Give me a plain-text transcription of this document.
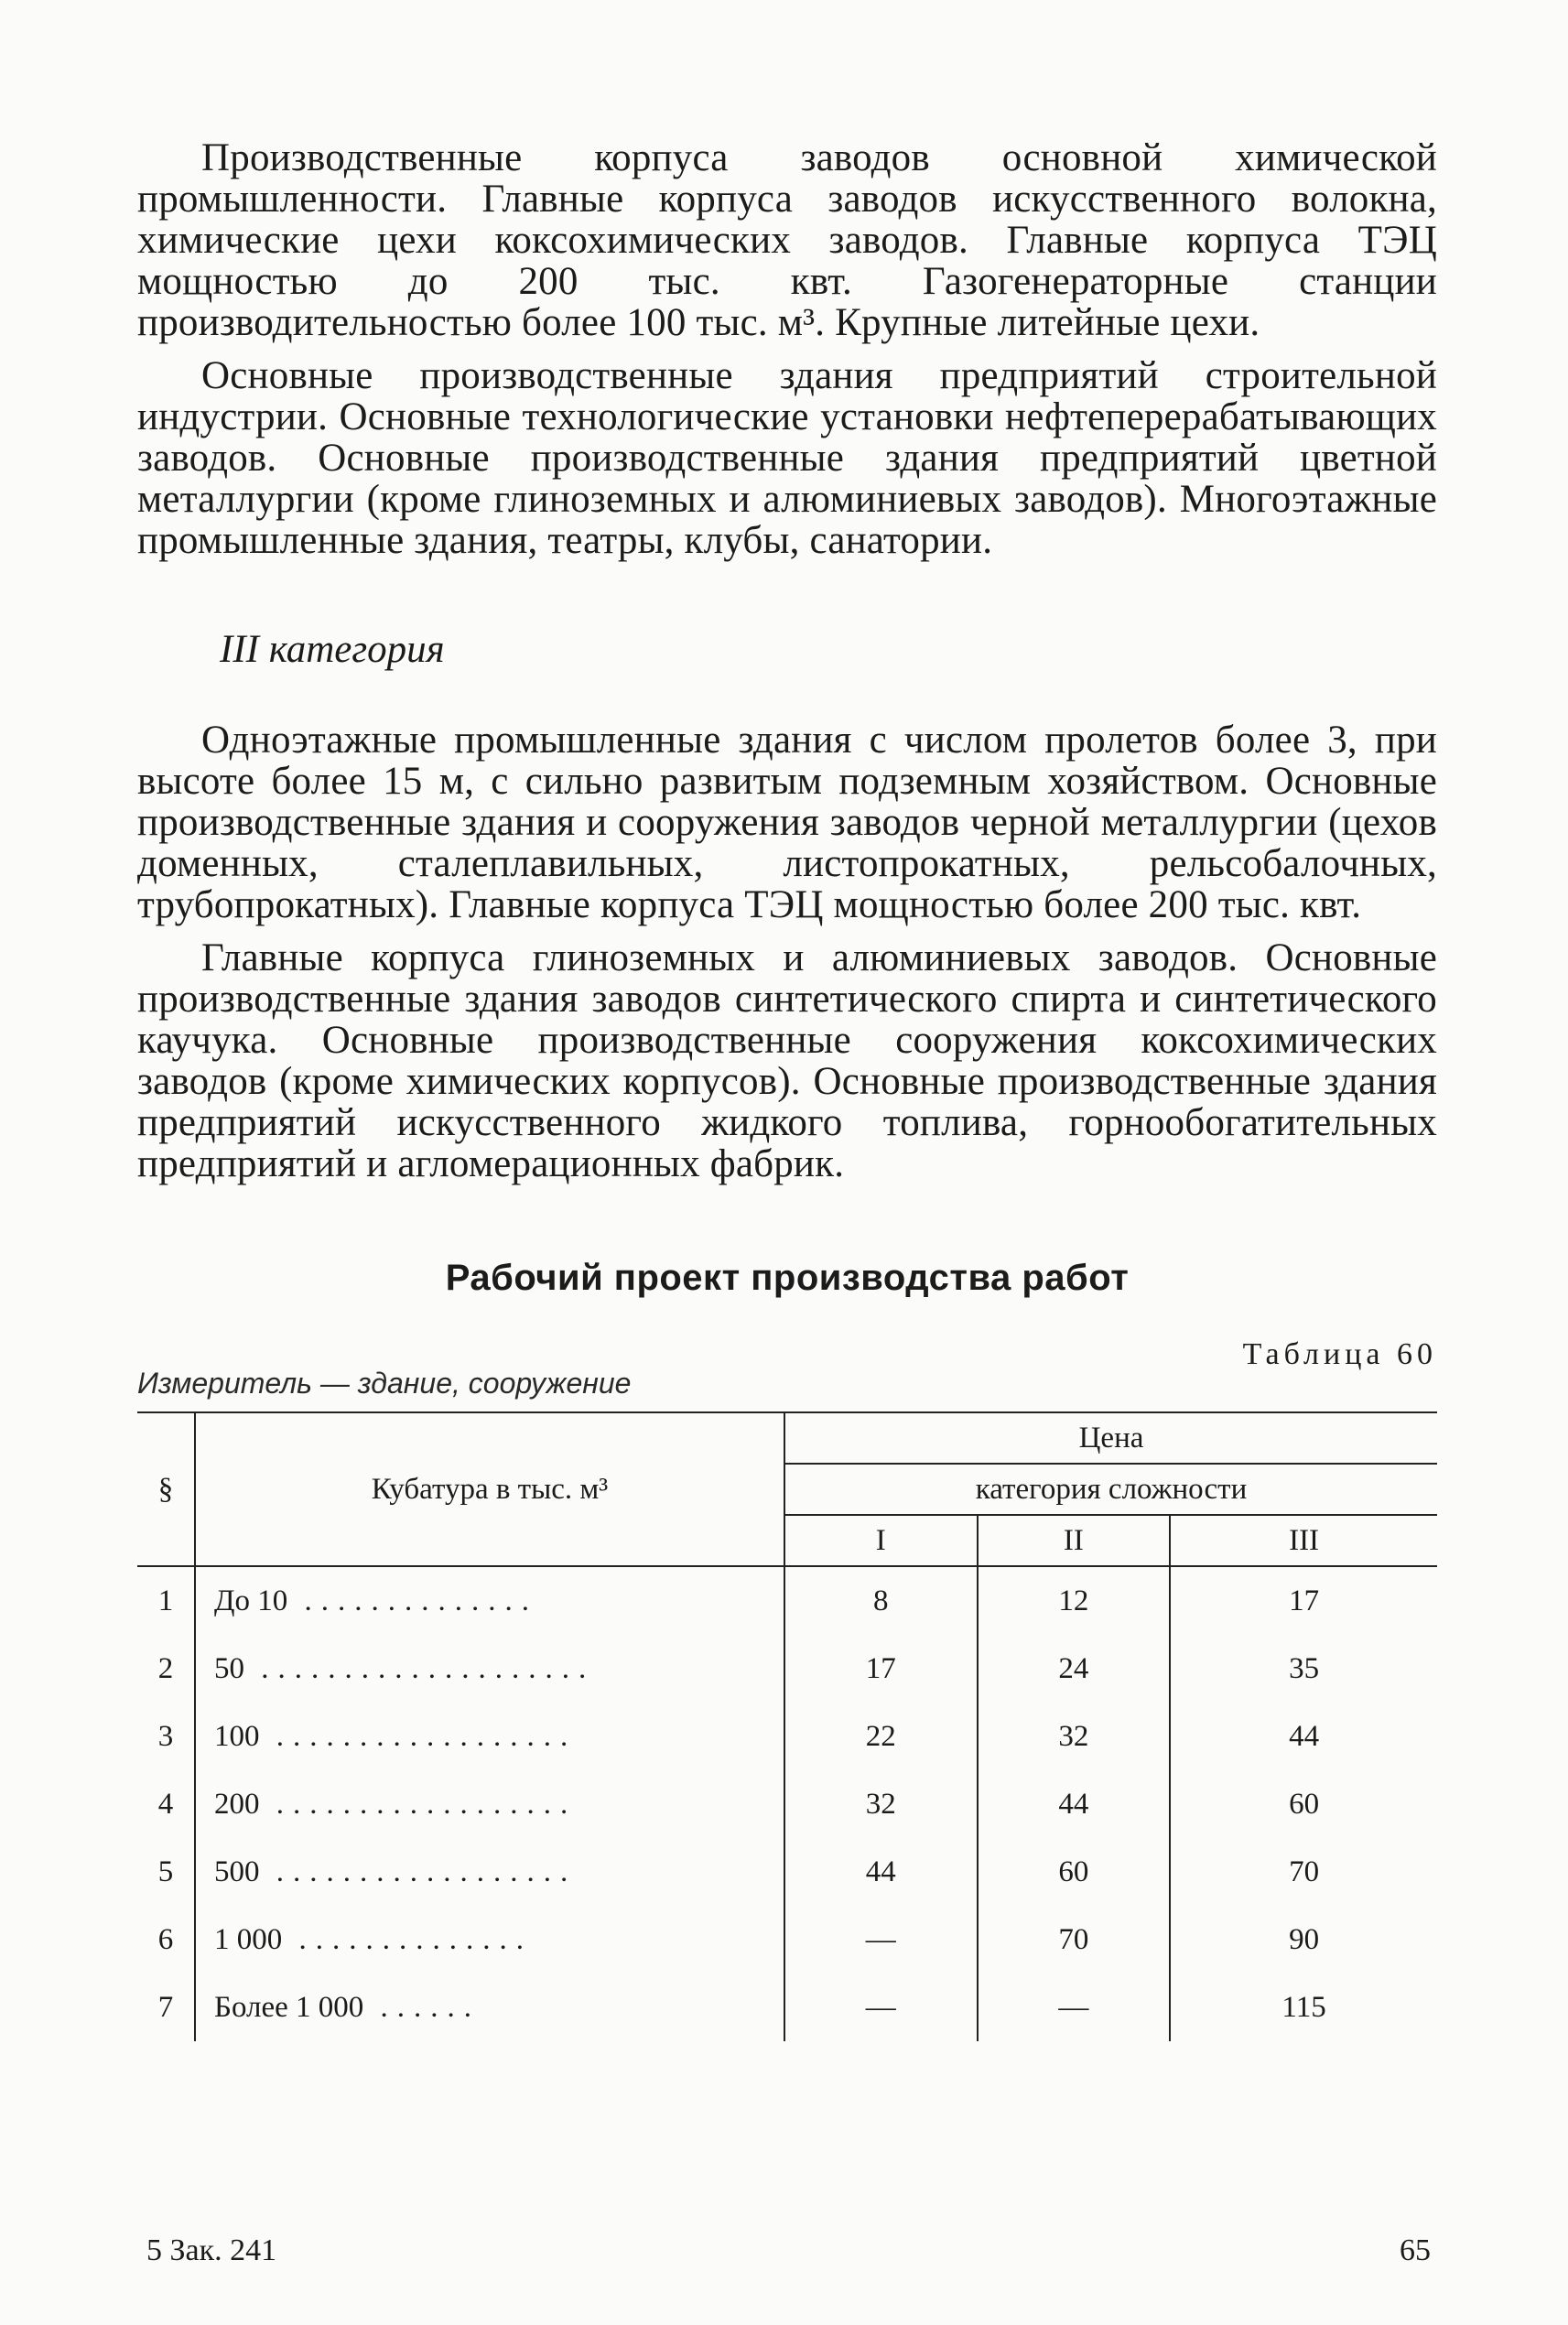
Производственные корпуса заводов основной химической промышленности. Главные корпуса заводов искусственного волокна, химические цехи коксохимических заводов. Главные корпуса ТЭЦ мощностью до 200 тыс. квт. Газогенераторные станции производительностью более 100 тыс. м³. Крупные литейные цехи.

Основные производственные здания предприятий строительной индустрии. Основные технологические установки нефтеперерабатывающих заводов. Основные производственные здания предприятий цветной металлургии (кроме глиноземных и алюминиевых заводов). Многоэтажные промышленные здания, театры, клубы, санатории.

III категория

Одноэтажные промышленные здания с числом пролетов более 3, при высоте более 15 м, с сильно развитым подземным хозяйством. Основные производственные здания и сооружения заводов черной металлургии (цехов доменных, сталеплавильных, листопрокатных, рельсобалочных, трубопрокатных). Главные корпуса ТЭЦ мощностью более 200 тыс. квт.

Главные корпуса глиноземных и алюминиевых заводов. Основные производственные здания заводов синтетического спирта и синтетического каучука. Основные производственные сооружения коксохимических заводов (кроме химических корпусов). Основные производственные здания предприятий искусственного жидкого топлива, горнообогатительных предприятий и агломерационных фабрик.

Рабочий проект производства работ
Таблица 60
Измеритель — здание, сооружение
§	Кубатура в тыс. м³	Цена		
		категория сложности		
		I	II	III
1	До 10 ..............	8	12	17
2	50 ....................	17	24	35
3	100 ..................	22	32	44
4	200 ..................	32	44	60
5	500 ..................	44	60	70
6	1 000 ..............	—	70	90
7	Более 1 000 ......	—	—	115
5 Зак. 241	65
